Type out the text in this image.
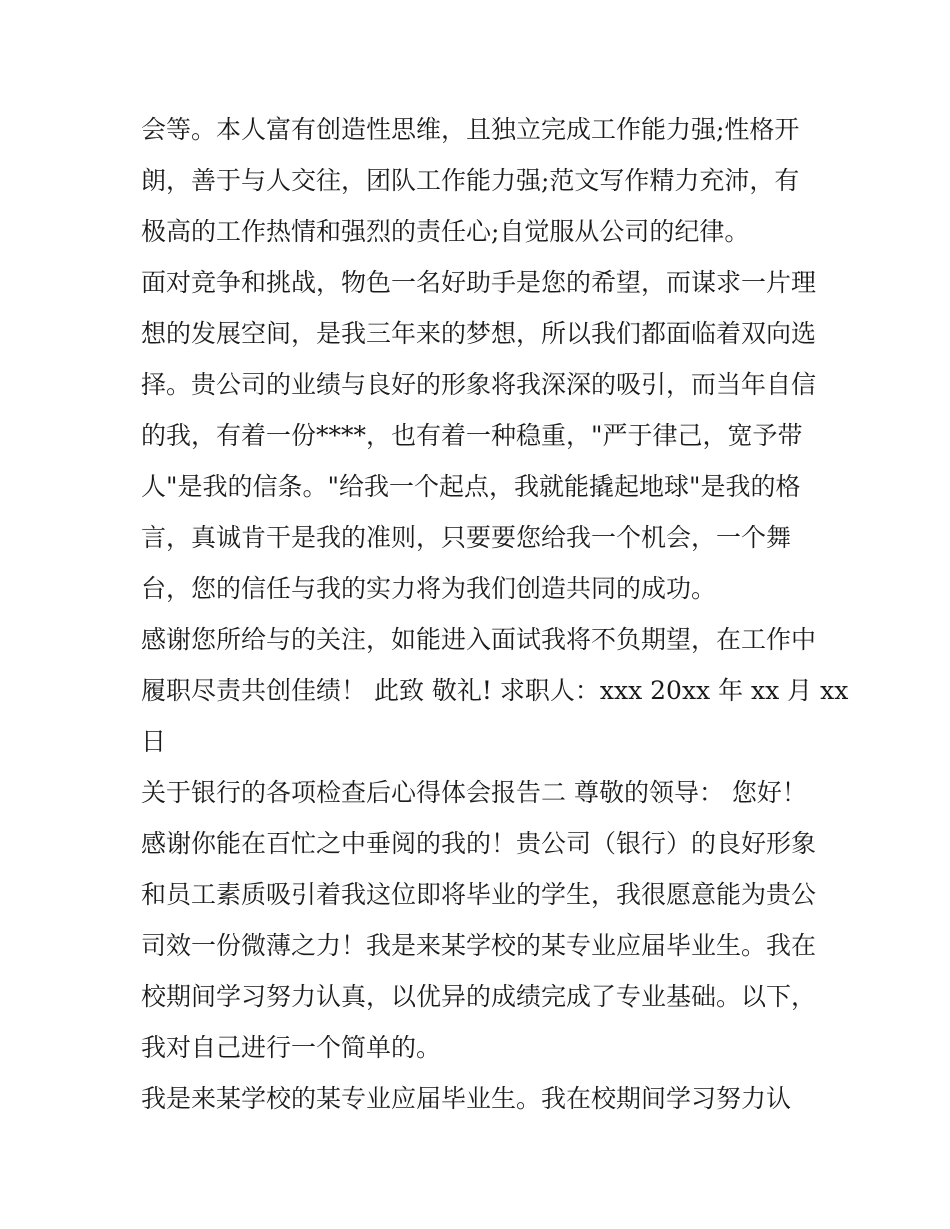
会等。本人富有创造性思维，且独立完成工作能力强;性格开
朗，善于与人交往，团队工作能力强;范文写作精力充沛，有
极高的工作热情和强烈的责任心;自觉服从公司的纪律。
面对竞争和挑战，物色一名好助手是您的希望，而谋求一片理
想的发展空间，是我三年来的梦想，所以我们都面临着双向选
择。贵公司的业绩与良好的形象将我深深的吸引，而当年自信
的我，有着一份****，也有着一种稳重，"严于律己，宽予带
人"是我的信条。"给我一个起点，我就能撬起地球"是我的格
言，真诚肯干是我的准则，只要要您给我一个机会，一个舞
台，您的信任与我的实力将为我们创造共同的成功。
感谢您所给与的关注，如能进入面试我将不负期望，在工作中
履职尽责共创佳绩！ 此致 敬礼! 求职人：xxx 20xx 年 xx 月 xx
日
关于银行的各项检查后心得体会报告二 尊敬的领导： 您好！
感谢你能在百忙之中垂阅的我的！贵公司（银行）的良好形象
和员工素质吸引着我这位即将毕业的学生，我很愿意能为贵公
司效一份微薄之力！我是来某学校的某专业应届毕业生。我在
校期间学习努力认真，以优异的成绩完成了专业基础。以下，
我对自己进行一个简单的。
我是来某学校的某专业应届毕业生。我在校期间学习努力认
